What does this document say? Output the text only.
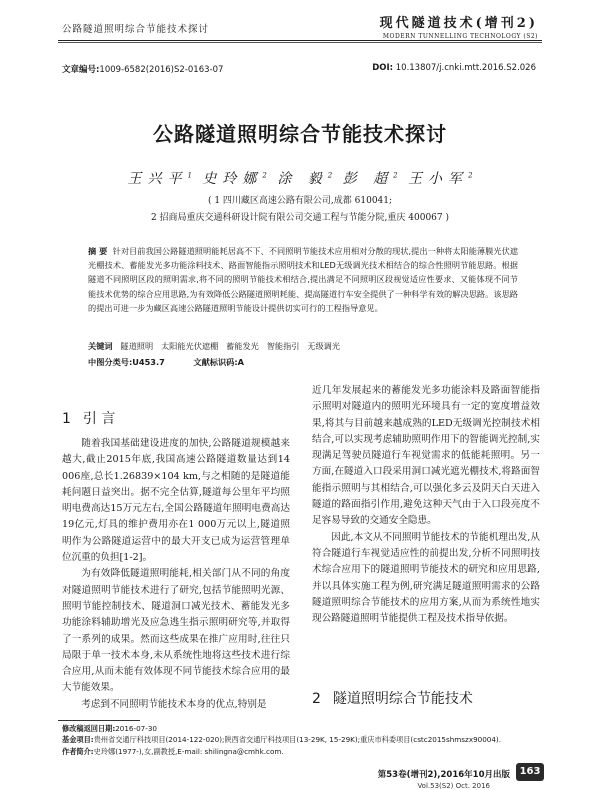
公路隧道照明综合节能技术探讨	现代隧道技术(增刊2)
MODERN TUNNELLING TECHNOLOGY (S2)
文章编号:1009-6582(2016)S2-0163-07	DOI: 10.13807/j.cnki.mtt.2016.S2.026
公路隧道照明综合节能技术探讨
王兴平$^1$ 史玲娜$^2$ 涂 毅$^2$ 彭 超$^2$ 王小军$^2$
( 1 四川藏区高速公路有限公司,成都 610041;
2 招商局重庆交通科研设计院有限公司交通工程与节能分院,重庆 400067 )
摘 要 针对目前我国公路隧道照明能耗居高不下、不同照明节能技术应用相对分散的现状,提出一种将太阳能薄膜光伏遮光棚技术、蓄能发光多功能涂料技术、路面智能指示照明技术和LED无级调光技术相结合的综合性照明节能思路。根据隧道不同照明区段的照明需求,将不同的照明节能技术相结合,提出满足不同照明区段视觉适应性要求、又能体现不同节能技术优势的综合应用思路,为有效降低公路隧道照明耗能、提高隧道行车安全提供了一种科学有效的解决思路。该思路的提出可进一步为藏区高速公路隧道照明节能设计提供切实可行的工程指导意见。
关键词 隧道照明 太阳能光伏遮棚 蓄能发光 智能指引 无级调光
中图分类号:U453.7	文献标识码:A
1 引 言

随着我国基础建设进度的加快,公路隧道规模越来越大,截止2015年底,我国高速公路隧道数量达到14 006座,总长1.26839×104 km,与之相随的是隧道能耗问题日益突出。据不完全估算,隧道每公里年平均照明电费高达15万元左右,全国公路隧道年照明电费高达19亿元,灯具的维护费用亦在1 000万元以上,隧道照明作为公路隧道运营中的最大开支已成为运营管理单位沉重的负担[1-2]。

为有效降低隧道照明能耗,相关部门从不同的角度对隧道照明节能技术进行了研究,包括节能照明光源、照明节能控制技术、隧道洞口减光技术、蓄能发光多功能涂料辅助增光及应急逃生指示照明研究等,并取得了一系列的成果。然而这些成果在推广应用时,往往只局限于单一技术本身,未从系统性地将这些技术进行综合应用,从而未能有效体现不同节能技术综合应用的最大节能效果。

考虑到不同照明节能技术本身的优点,特别是

近几年发展起来的蓄能发光多功能涂料及路面智能指示照明对隧道内的照明光环境具有一定的宽度增益效果,将其与目前越来越成熟的LED无级调光控制技术相结合,可以实现考虑辅助照明作用下的智能调光控制,实现满足驾驶员隧道行车视觉需求的低能耗照明。另一方面,在隧道入口段采用洞口减光遮光棚技术,将路面智能指示照明与其相结合,可以强化多云及阴天白天进入隧道的路面指引作用,避免这种天气由于入口段亮度不足容易导致的交通安全隐患。

因此,本文从不同照明节能技术的节能机理出发,从符合隧道行车视觉适应性的前提出发,分析不同照明技术综合应用下的隧道照明节能技术的研究和应用思路,并以具体实施工程为例,研究满足隧道照明需求的公路隧道照明综合节能技术的应用方案,从而为系统性地实现公路隧道照明节能提供工程及技术指导依据。

2 隧道照明综合节能技术
修改稿返回日期:2016-07-30
基金项目:贵州省交通厅科技项目(2014-122-020);陕西省交通厅科技项目(13-29K, 15-29K);重庆市科委项目(cstc2015shmszx90004).
作者简介:史玲娜(1977-),女,副教授,E-mail: shilingna@cmhk.com.
第53卷(增刊2),2016年10月出版 163
Vol.53(S2) Oct. 2016
